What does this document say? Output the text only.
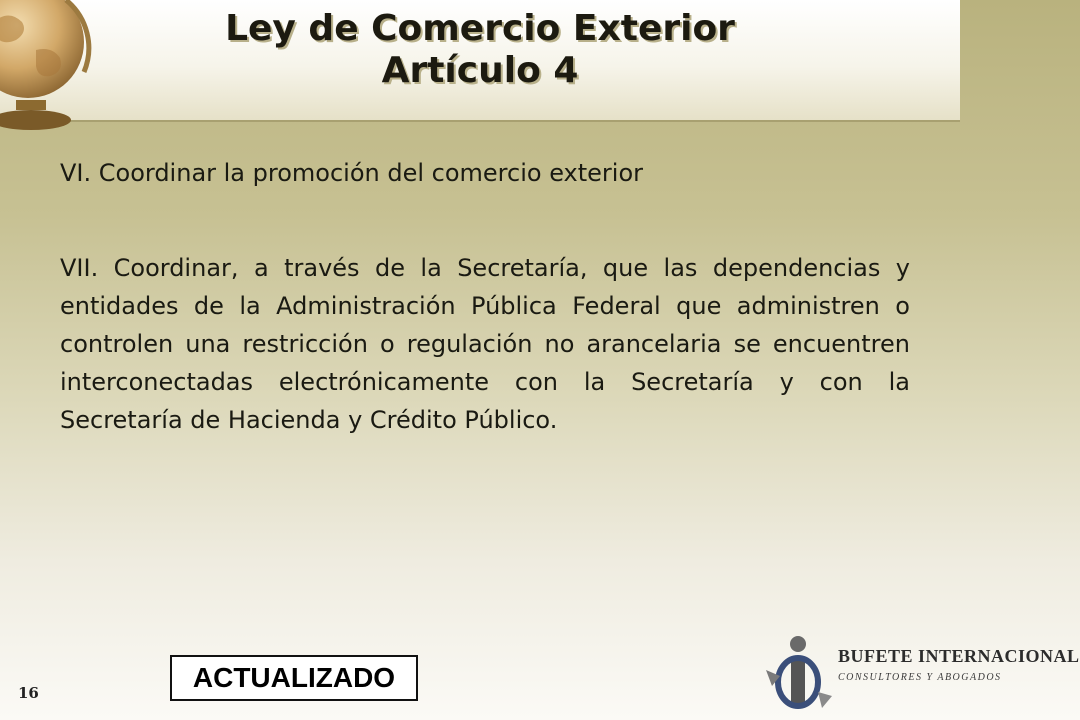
Ley de Comercio Exterior
Artículo 4
VI. Coordinar la promoción del comercio exterior
VII. Coordinar, a través de la Secretaría, que las dependencias y entidades de la Administración Pública Federal que administren o controlen una restricción o regulación no arancelaria se encuentren interconectadas electrónicamente con la Secretaría y con la Secretaría de Hacienda y Crédito Público.
16	ACTUALIZADO
BUFETE INTERNACIONAL
CONSULTORES Y ABOGADOS
